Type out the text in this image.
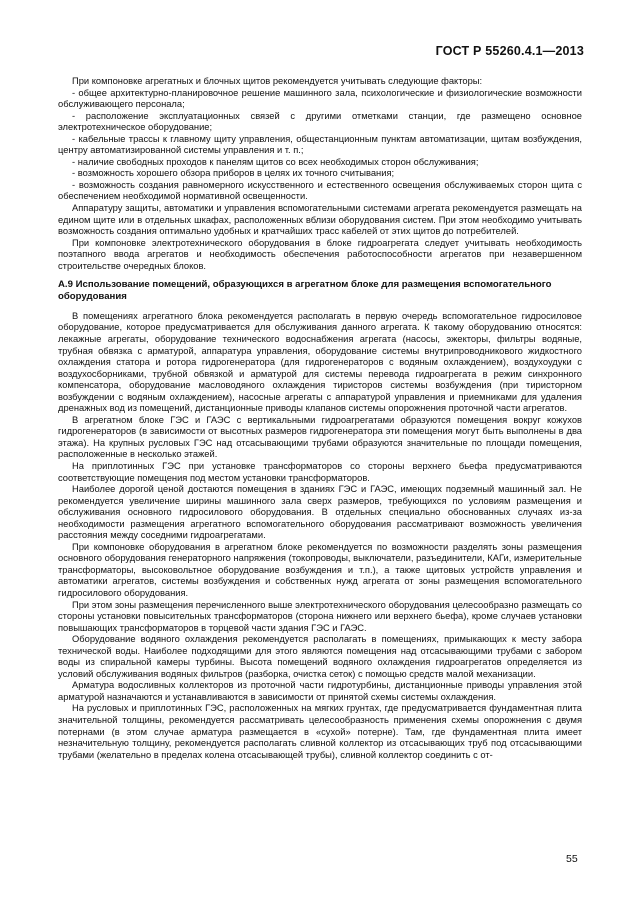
ГОСТ Р 55260.4.1—2013

При компоновке агрегатных и блочных щитов рекомендуется учитывать следующие факторы:

- общее архитектурно-планировочное решение машинного зала, психологические и физиологические возможности обслуживающего персонала;

- расположение эксплуатационных связей с другими отметками станции, где размещено основное электротехническое оборудование;

- кабельные трассы к главному щиту управления, общестанционным пунктам автоматизации, щитам возбуждения, центру автоматизированной системы управления и т. п.;

- наличие свободных проходов к панелям щитов со всех необходимых сторон обслуживания;

- возможность хорошего обзора приборов в целях их точного считывания;

- возможность создания равномерного искусственного и естественного освещения обслуживаемых сторон щита с обеспечением необходимой нормативной освещенности.

Аппаратуру защиты, автоматики и управления вспомогательными системами агрегата рекомендуется размещать на едином щите или в отдельных шкафах, расположенных вблизи оборудования систем. При этом необходимо учитывать возможность создания оптимально удобных и кратчайших трасс кабелей от этих щитов до потребителей.

При компоновке электротехнического оборудования в блоке гидроагрегата следует учитывать необходимость поэтапного ввода агрегатов и необходимость обеспечения работоспособности агрегатов при незавершенном строительстве очередных блоков.

А.9 Использование помещений, образующихся в агрегатном блоке для размещения вспомогательного оборудования

В помещениях агрегатного блока рекомендуется располагать в первую очередь вспомогательное гидросиловое оборудование, которое предусматривается для обслуживания данного агрегата. К такому оборудованию относятся: лекажные агрегаты, оборудование технического водоснабжения агрегата (насосы, эжекторы, фильтры водяные, трубная обвязка с арматурой, аппаратура управления, оборудование системы внутрипроводникового жидкостного охлаждения статора и ротора гидрогенератора (для гидрогенераторов с водяным охлаждением), воздухоудуки с воздухосборниками, трубной обвязкой и арматурой для системы перевода гидроагрегата в режим синхронного компенсатора, оборудование масловодяного охлаждения тиристоров системы возбуждения (при тиристорном возбуждении с водяным охлаждением), насосные агрегаты с аппаратурой управления и приемниками для удаления дренажных вод из помещений, дистанционные приводы клапанов системы опорожнения проточной части агрегатов.

В агрегатном блоке ГЭС и ГАЭС с вертикальными гидроагрегатами образуются помещения вокруг кожухов гидрогенераторов (в зависимости от высотных размеров гидрогенератора эти помещения могут быть выполнены в два этажа). На крупных русловых ГЭС над отсасывающими трубами образуются значительные по площади помещения, расположенные в несколько этажей.

На приплотинных ГЭС при установке трансформаторов со стороны верхнего бьефа предусматриваются соответствующие помещения под местом установки трансформаторов.

Наиболее дорогой ценой достаются помещения в зданиях ГЭС и ГАЭС, имеющих подземный машинный зал. Не рекомендуется увеличение ширины машинного зала сверх размеров, требующихся по условиям размещения и обслуживания основного гидросилового оборудования. В отдельных специально обоснованных случаях из-за необходимости размещения агрегатного вспомогательного оборудования рассматривают возможность увеличения расстояния между соседними гидроагрегатами.

При компоновке оборудования в агрегатном блоке рекомендуется по возможности разделять зоны размещения основного оборудования генераторного напряжения (токопроводы, выключатели, разъединители, КАГи, измерительные трансформаторы, высоковольтное оборудование возбуждения и т.п.), а также щитовых устройств управления и автоматики агрегатов, системы возбуждения и собственных нужд агрегата от зоны размещения вспомогательного гидросилового оборудования.

При этом зоны размещения перечисленного выше электротехнического оборудования целесообразно размещать со стороны установки повысительных трансформаторов (сторона нижнего или верхнего бьефа), кроме случаев установки повышающих трансформаторов в торцевой части здания ГЭС и ГАЭС.

Оборудование водяного охлаждения рекомендуется располагать в помещениях, примыкающих к месту забора технической воды. Наиболее подходящими для этого являются помещения над отсасывающими трубами с забором воды из спиральной камеры турбины. Высота помещений водяного охлаждения гидроагрегатов определяется из условий обслуживания водяных фильтров (разборка, очистка сеток) с помощью средств малой механизации.

Арматура водосливных коллекторов из проточной части гидротурбины, дистанционные приводы управления этой арматурой назначаются и устанавливаются в зависимости от принятой схемы системы охлаждения.

На русловых и приплотинных ГЭС, расположенных на мягких грунтах, где предусматривается фундаментная плита значительной толщины, рекомендуется рассматривать целесообразность применения схемы опорожнения с двумя потернами (в этом случае арматура размещается в «сухой» потерне). Там, где фундаментная плита имеет незначительную толщину, рекомендуется располагать сливной коллектор из отсасывающих труб под отсасывающими трубами (желательно в пределах колена отсасывающей трубы), сливной коллектор соединить с от-

55
